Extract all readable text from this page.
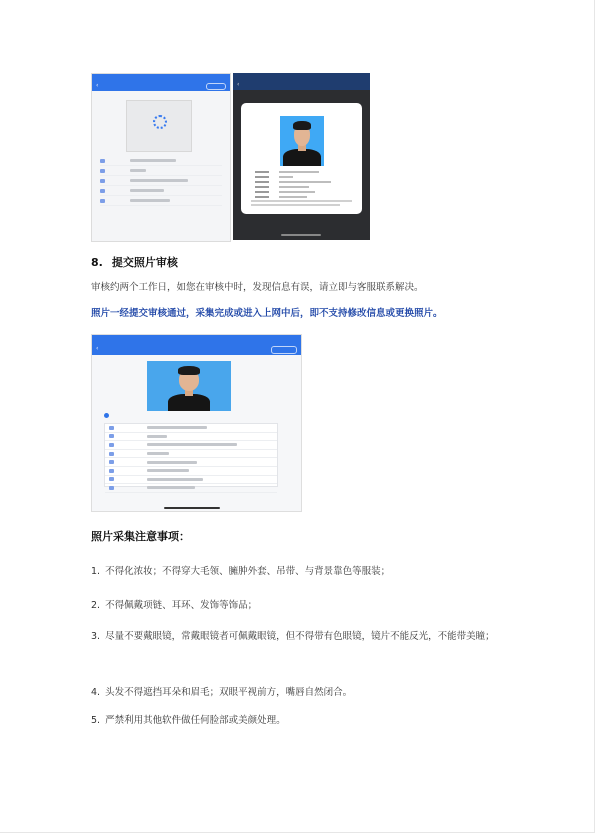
‹	‹
8. 提交照片审核
审核约两个工作日，如您在审核中时，发现信息有误，请立即与客服联系解决。
照片一经提交审核通过，采集完成或进入上网中后，即不支持修改信息或更换照片。
‹
照片采集注意事项：
1. 不得化浓妆；不得穿大毛领、臃肿外套、吊带、与背景靠色等服装；
2. 不得佩戴项链、耳环、发饰等饰品；
3. 尽量不要戴眼镜，常戴眼镜者可佩戴眼镜，但不得带有色眼镜，镜片不能反光，不能带美瞳；
4. 头发不得遮挡耳朵和眉毛；双眼平视前方，嘴唇自然闭合。
5. 严禁利用其他软件做任何脸部或美颜处理。
